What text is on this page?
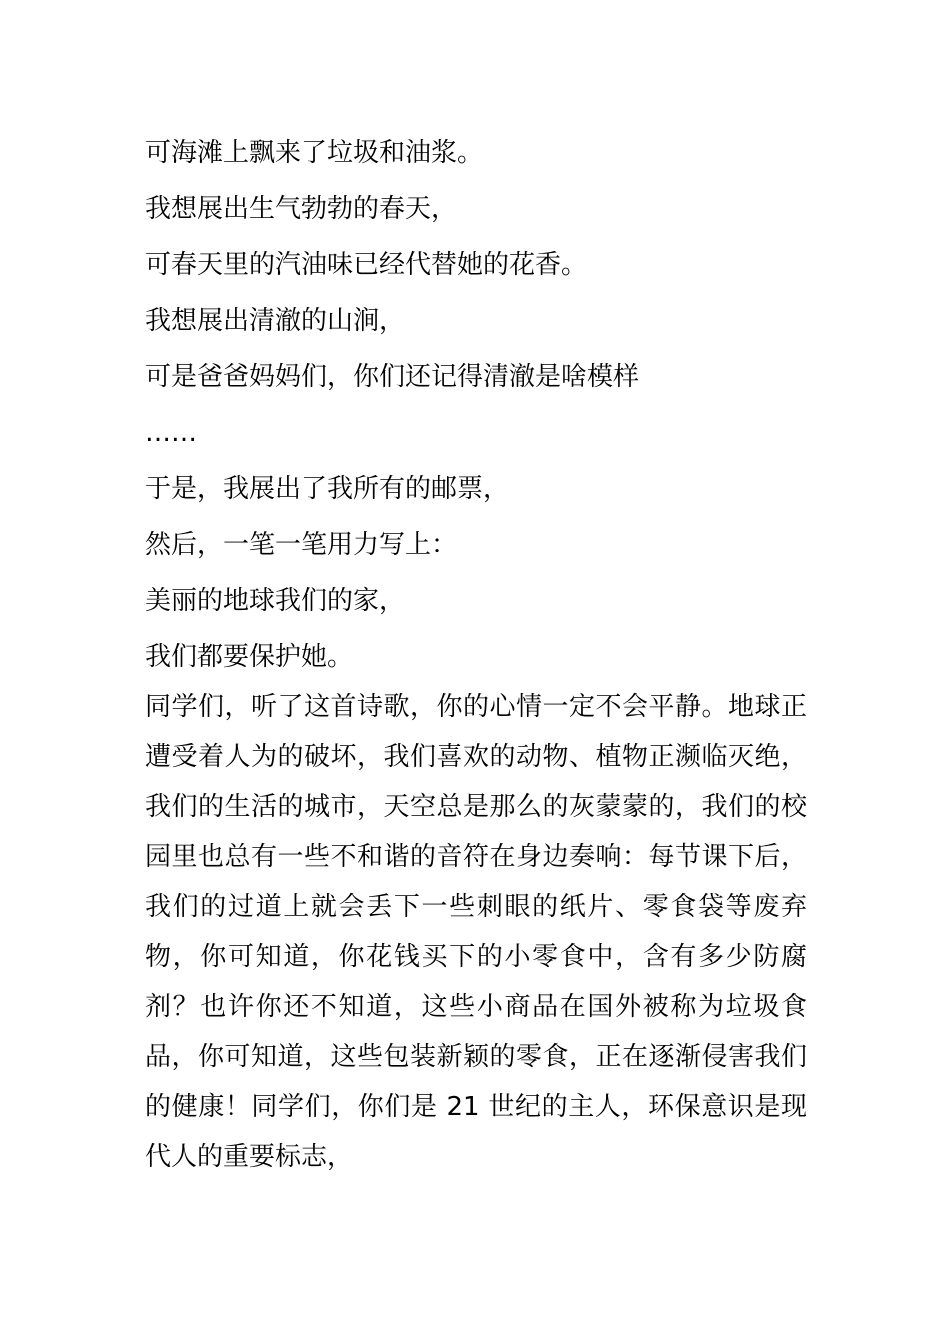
可海滩上飘来了垃圾和油浆。
我想展出生气勃勃的春天，
可春天里的汽油味已经代替她的花香。
我想展出清澈的山涧，
可是爸爸妈妈们，你们还记得清澈是啥模样
……
于是，我展出了我所有的邮票，
然后，一笔一笔用力写上：
美丽的地球我们的家，
我们都要保护她。

同学们，听了这首诗歌，你的心情一定不会平静。地球正遭受着人为的破坏，我们喜欢的动物、植物正濒临灭绝，我们的生活的城市，天空总是那么的灰蒙蒙的，我们的校园里也总有一些不和谐的音符在身边奏响：每节课下后，我们的过道上就会丢下一些刺眼的纸片、零食袋等废弃物，你可知道，你花钱买下的小零食中，含有多少防腐剂？也许你还不知道，这些小商品在国外被称为垃圾食品，你可知道，这些包装新颖的零食，正在逐渐侵害我们的健康！同学们，你们是 21 世纪的主人，环保意识是现代人的重要标志，
